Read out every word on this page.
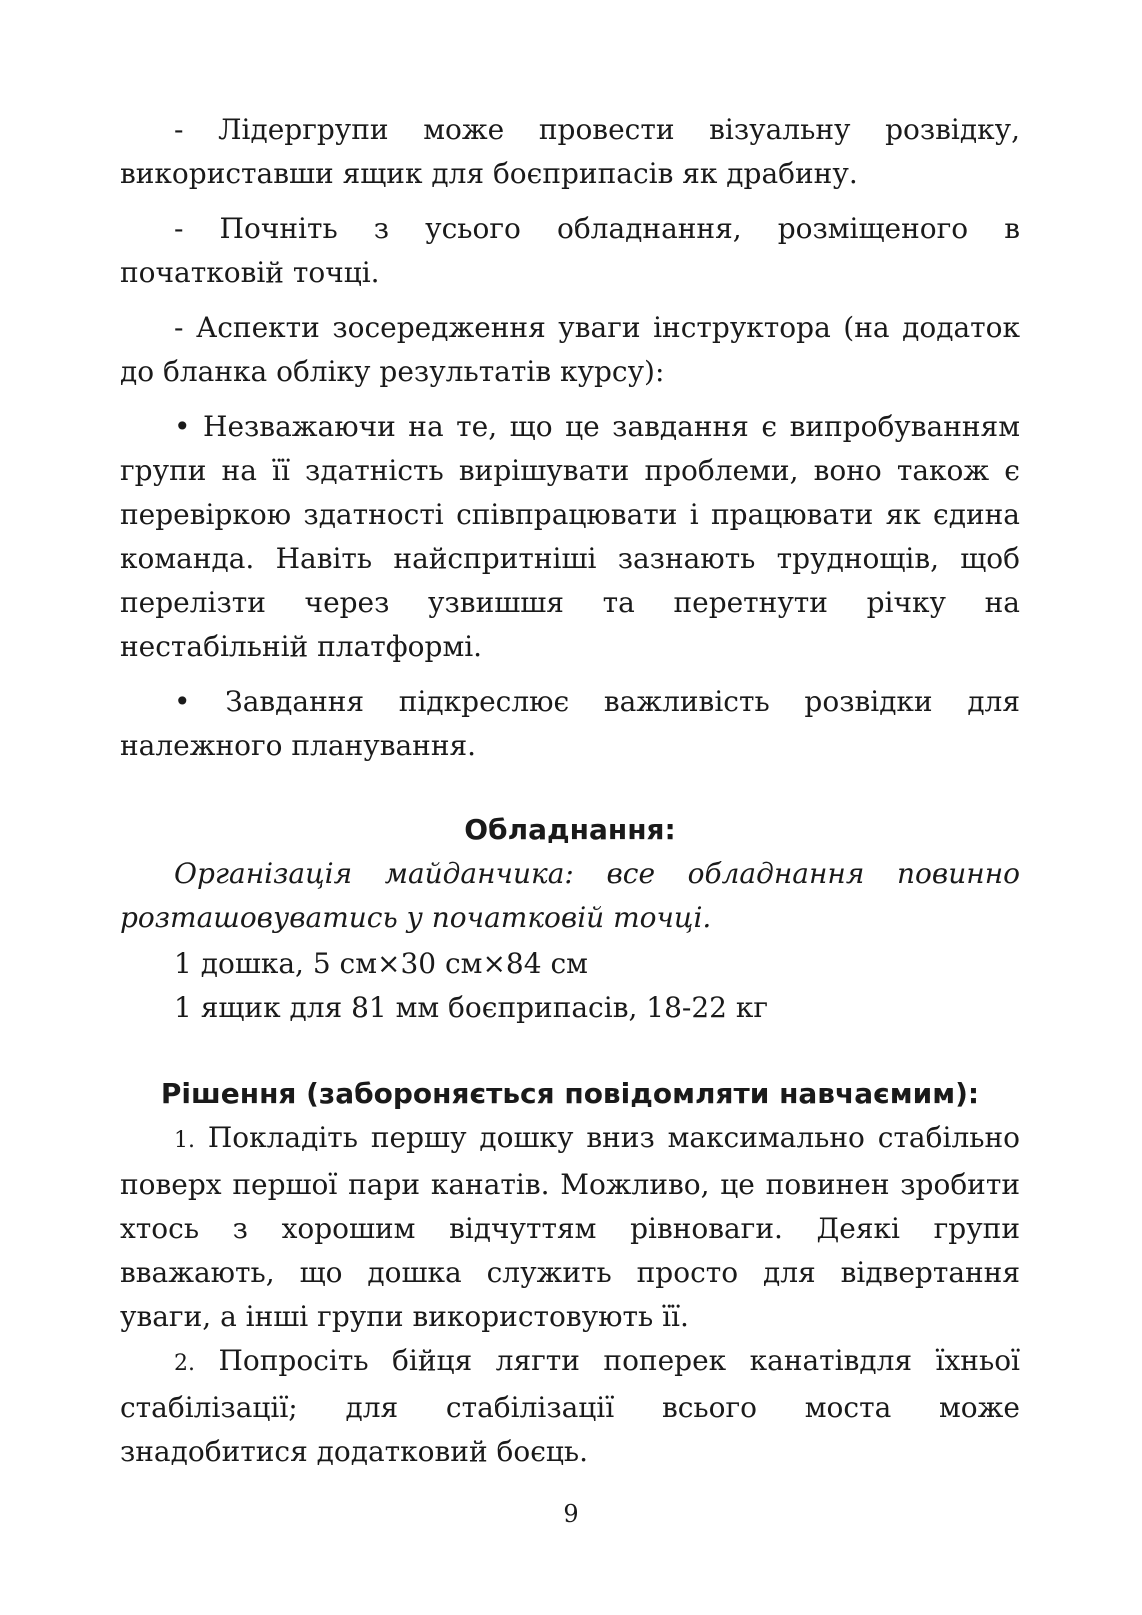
- Лідергрупи може провести візуальну розвідку, використавши ящик для боєприпасів як драбину.

- Почніть з усього обладнання, розміщеного в початковій точці.

- Аспекти зосередження уваги інструктора (на додаток до бланка обліку результатів курсу):

• Незважаючи на те, що це завдання є випробуванням групи на її здатність вирішувати проблеми, воно також є перевіркою здатності співпрацювати і працювати як єдина команда. Навіть найспритніші зазнають труднощів, щоб перелізти через узвишшя та перетнути річку на нестабільній платформі.

• Завдання підкреслює важливість розвідки для належного планування.

Обладнання:

Організація майданчика: все обладнання повинно розташовуватись у початковій точці.

1 дошка, 5 см×30 см×84 см

1 ящик для 81 мм боєприпасів, 18-22 кг

Рішення (забороняється повідомляти навчаємим):

1. Покладіть першу дошку вниз максимально стабільно поверх першої пари канатів. Можливо, це повинен зробити хтось з хорошим відчуттям рівноваги. Деякі групи вважають, що дошка служить просто для відвертання уваги, а інші групи використовують її.

2. Попросіть бійця лягти поперек канатівдля їхньої стабілізації; для стабілізації всього моста може знадобитися додатковий боєць.

9
